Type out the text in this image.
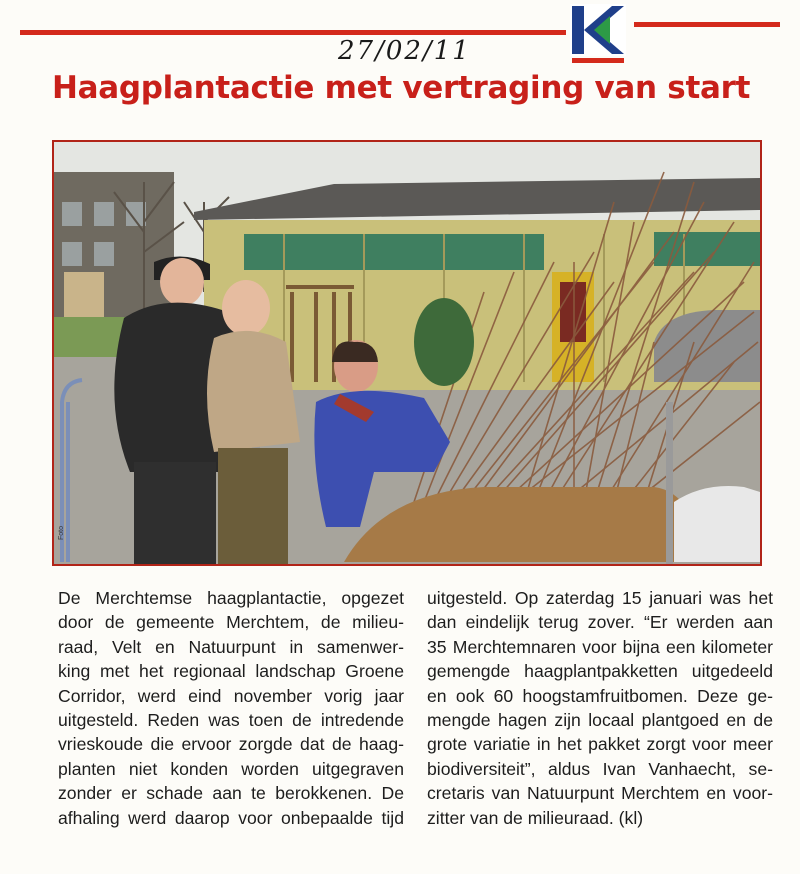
27/02/11
Haagplantactie met vertraging van start
Foto
De Merchtemse haagplantactie, opgezet
door de gemeente Merchtem, de milieu-
raad, Velt en Natuurpunt in samenwer-
king met het regionaal landschap Groene
Corridor, werd eind november vorig jaar
uitgesteld. Reden was toen de intredende
vrieskoude die ervoor zorgde dat de haag-
planten niet konden worden uitgegraven
zonder er schade aan te berokkenen. De
afhaling werd daarop voor onbepaalde tijd
uitgesteld. Op zaterdag 15 januari was het
dan eindelijk terug zover. “Er werden aan
35 Merchtemnaren voor bijna een kilometer
gemengde haagplantpakketten uitgedeeld
en ook 60 hoogstamfruitbomen. Deze ge-
mengde hagen zijn locaal plantgoed en de
grote variatie in het pakket zorgt voor meer
biodiversiteit”, aldus Ivan Vanhaecht, se-
cretaris van Natuurpunt Merchtem en voor-
zitter van de milieuraad. (kl)
